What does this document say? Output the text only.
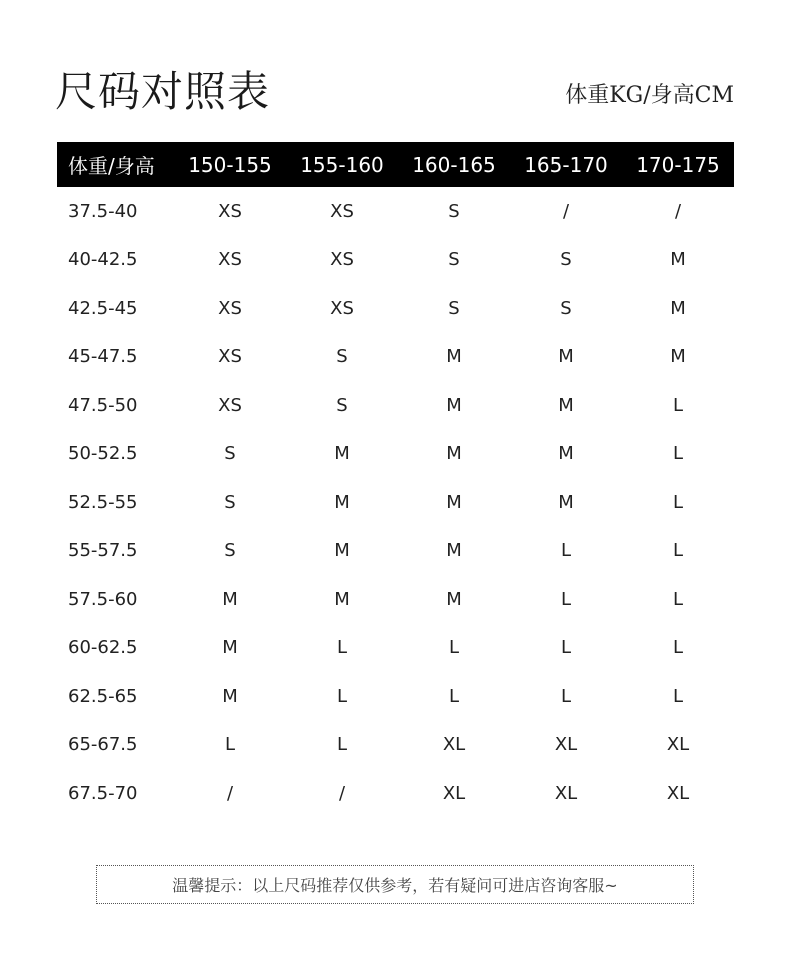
尺码对照表	体重KG/身高CM
体重/身高	150-155	155-160	160-165	165-170	170-175
37.5-40	XS	XS	S	/	/
40-42.5	XS	XS	S	S	M
42.5-45	XS	XS	S	S	M
45-47.5	XS	S	M	M	M
47.5-50	XS	S	M	M	L
50-52.5	S	M	M	M	L
52.5-55	S	M	M	M	L
55-57.5	S	M	M	L	L
57.5-60	M	M	M	L	L
60-62.5	M	L	L	L	L
62.5-65	M	L	L	L	L
65-67.5	L	L	XL	XL	XL
67.5-70	/	/	XL	XL	XL
温馨提示：以上尺码推荐仅供参考，若有疑问可进店咨询客服~
